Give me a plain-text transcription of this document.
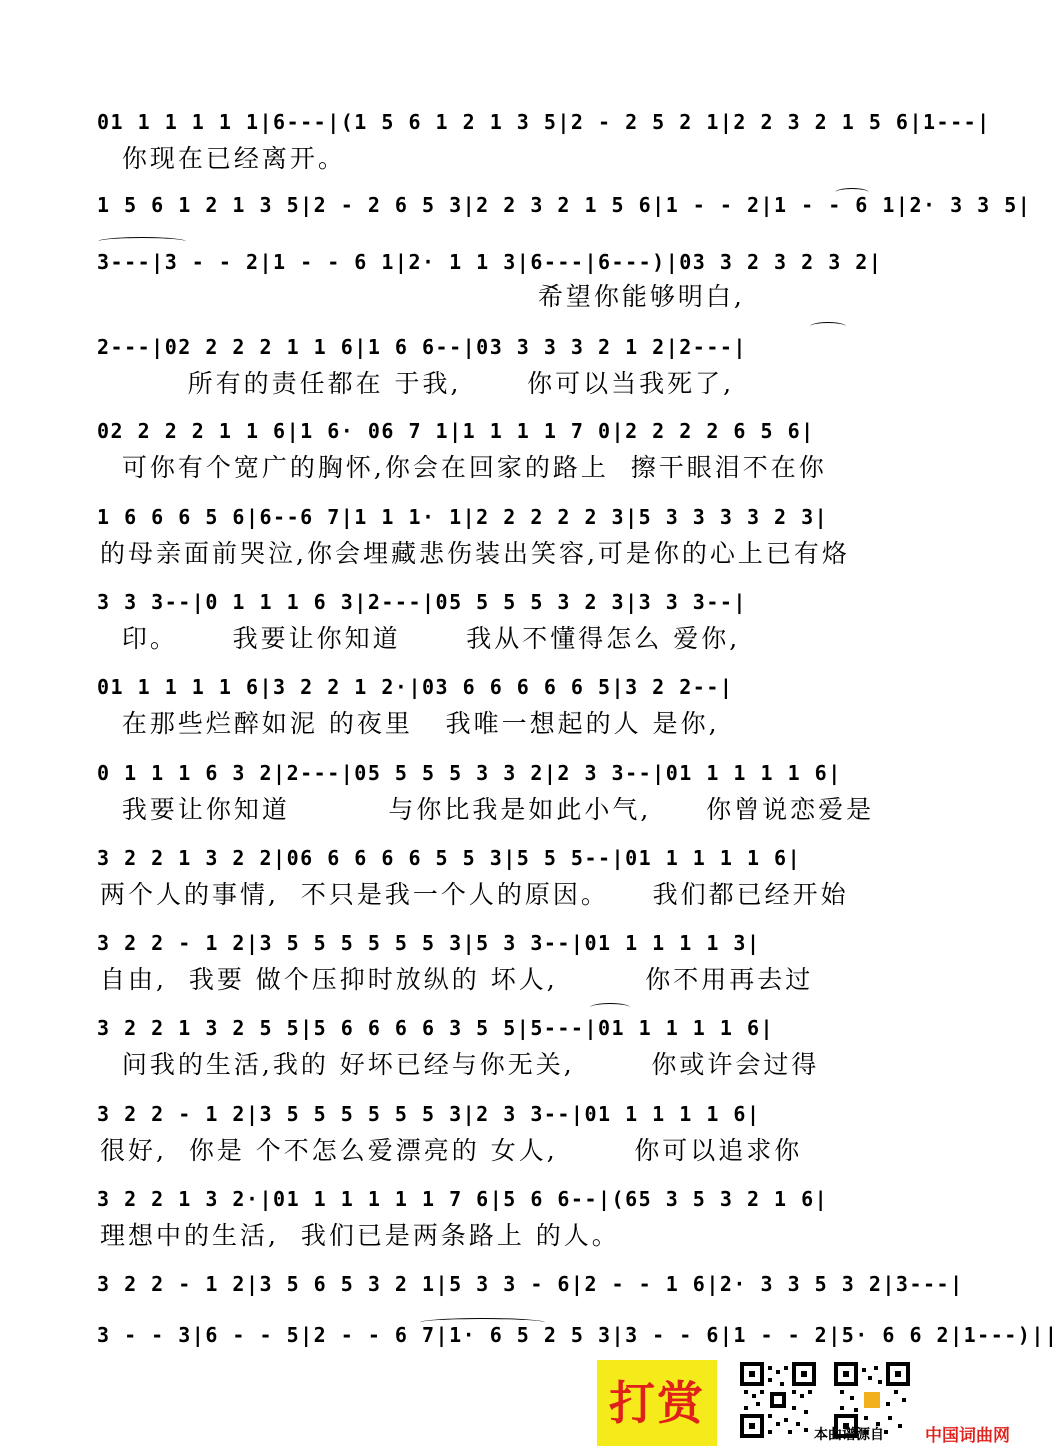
01 1 1 1 1 1|6---|(1 5 6 1 2 1 3 5|2 - 2 5 2 1|2 2 3 2 1 5 6|1---|
你现在已经离开。
1 5 6 1 2 1 3 5|2 - 2 6 5 3|2 2 3 2 1 5 6|1 - - 2|1 - - 6 1|2· 3 3 5|
3---|3 - - 2|1 - - 6 1|2· 1 1 3|6---|6---)|03 3 2 3 2 3 2|
希望你能够明白,
2---|02 2 2 2 1 1 6|1 6 6--|03 3 3 3 2 1 2|2---|
所有的责任都在 于我,      你可以当我死了,
02 2 2 2 1 1 6|1 6· 06 7 1|1 1 1 1 7 0|2 2 2 2 6 5 6|
可你有个宽广的胸怀,你会在回家的路上  擦干眼泪不在你
1 6 6 6 5 6|6--6 7|1 1 1· 1|2 2 2 2 2 3|5 3 3 3 3 2 3|
的母亲面前哭泣,你会埋藏悲伤装出笑容,可是你的心上已有烙
3 3 3--|0 1 1 1 6 3|2---|05 5 5 5 3 2 3|3 3 3--|
印。     我要让你知道      我从不懂得怎么 爱你,
01 1 1 1 1 6|3 2 2 1 2·|03 6 6 6 6 6 5|3 2 2--|
在那些烂醉如泥 的夜里   我唯一想起的人 是你,
0 1 1 1 6 3 2|2---|05 5 5 5 3 3 2|2 3 3--|01 1 1 1 1 6|
我要让你知道         与你比我是如此小气,     你曾说恋爱是
3 2 2 1 3 2 2|06 6 6 6 6 5 5 3|5 5 5--|01 1 1 1 1 6|
两个人的事情,  不只是我一个人的原因。    我们都已经开始
3 2 2 - 1 2|3 5 5 5 5 5 5 3|5 3 3--|01 1 1 1 1 3|
自由,  我要 做个压抑时放纵的 坏人,        你不用再去过
3 2 2 1 3 2 5 5|5 6 6 6 6 3 5 5|5---|01 1 1 1 1 6|
问我的生活,我的 好坏已经与你无关,       你或许会过得
3 2 2 - 1 2|3 5 5 5 5 5 5 3|2 3 3--|01 1 1 1 1 6|
很好,  你是 个不怎么爱漂亮的 女人,       你可以追求你
3 2 2 1 3 2·|01 1 1 1 1 1 7 6|5 6 6--|(65 3 5 3 2 1 6|
理想中的生活,  我们已是两条路上 的人。
3 2 2 - 1 2|3 5 6 5 3 2 1|5 3 3 - 6|2 - - 1 6|2· 3 3 5 3 2|3---|
3 - - 3|6 - - 5|2 - - 6 7|1· 6 5 2 5 3|3 - - 6|1 - - 2|5· 6 6 2|1---)||
打赏
本曲谱源自 中国词曲网
